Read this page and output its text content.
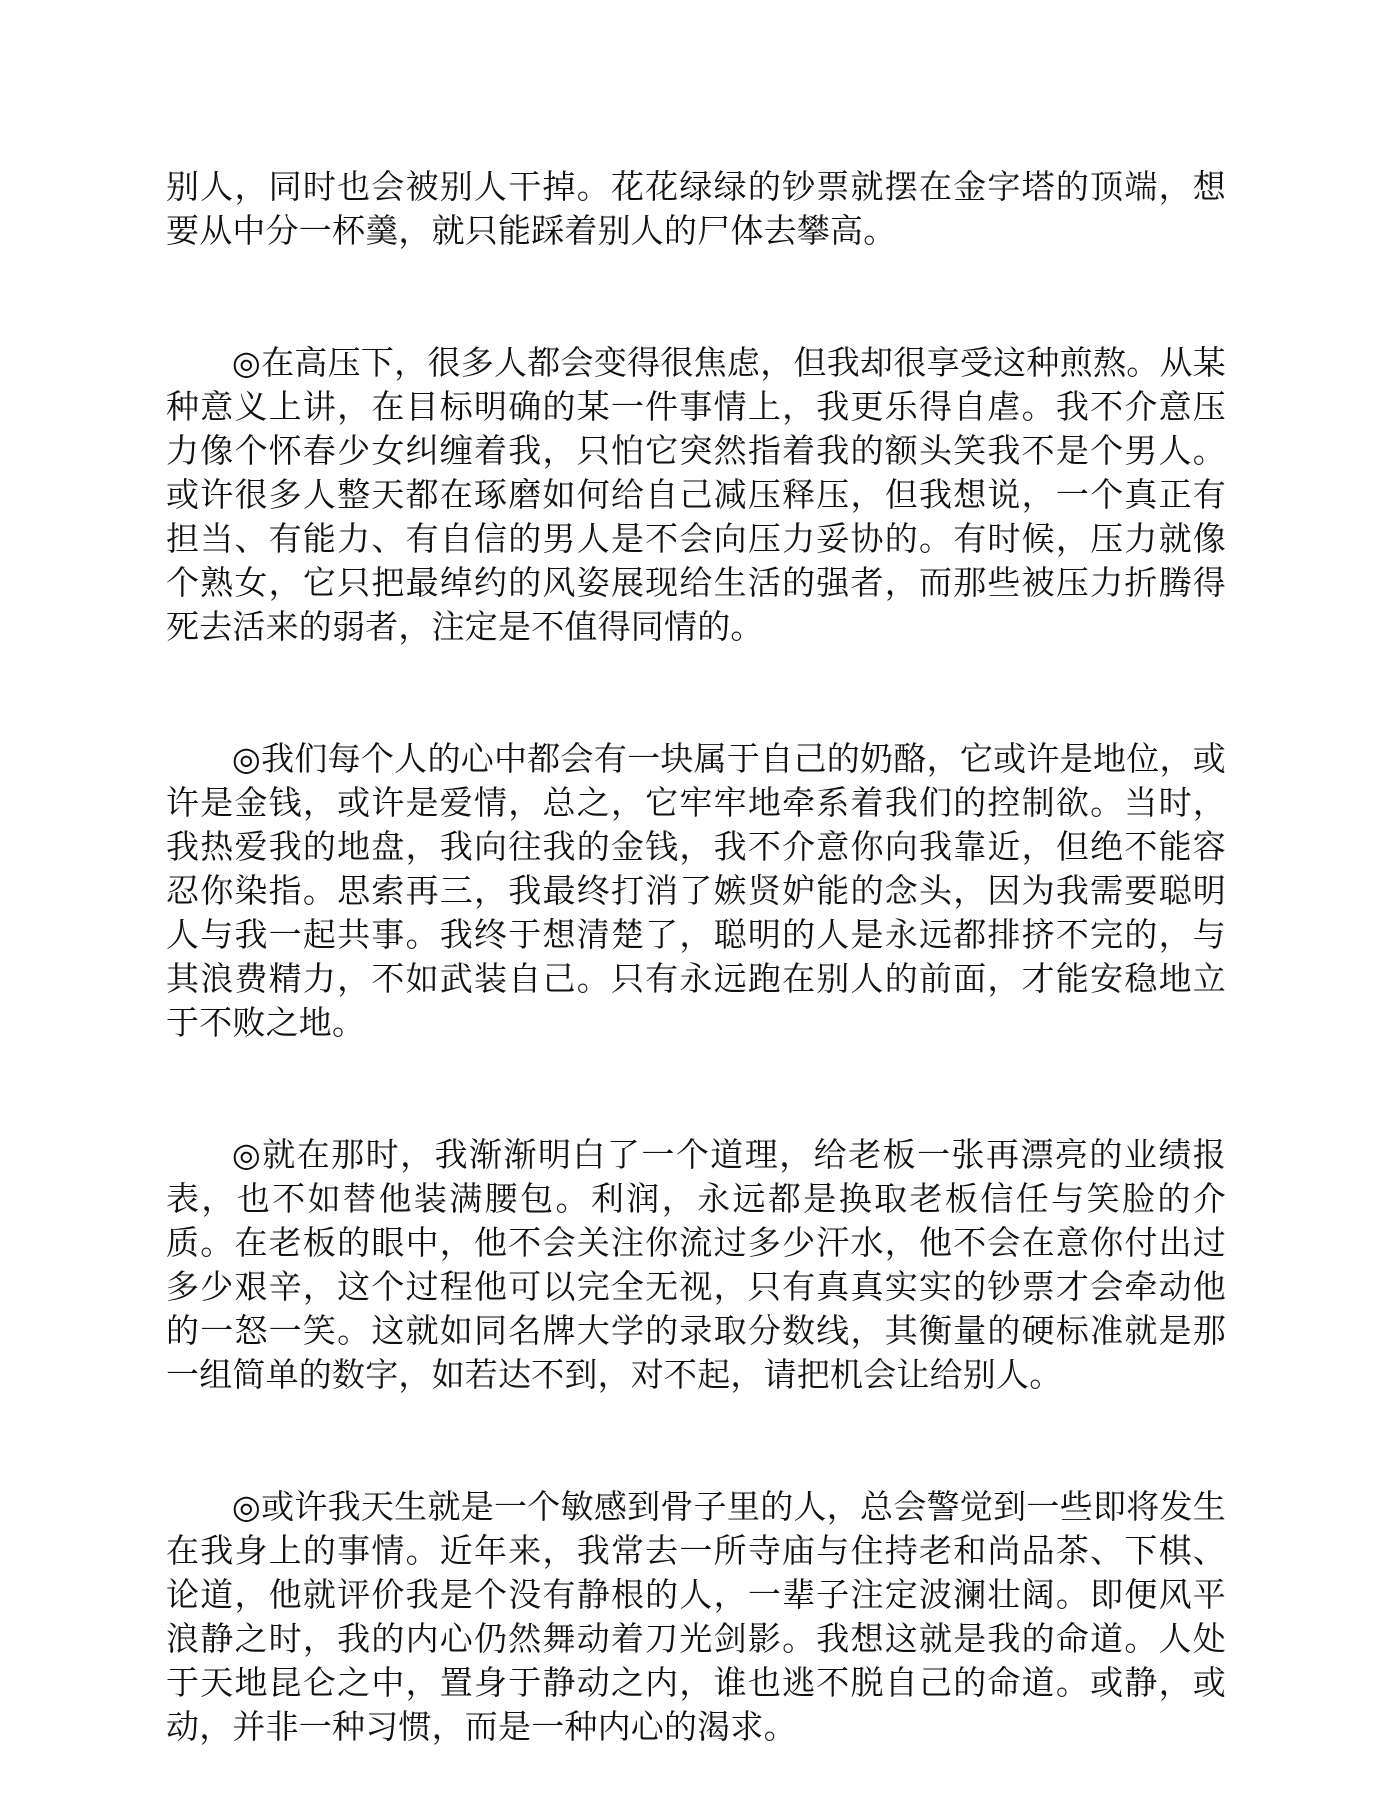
别人，同时也会被别人干掉。花花绿绿的钞票就摆在金字塔的顶端，想要从中分一杯羹，就只能踩着别人的尸体去攀高。

◎在高压下，很多人都会变得很焦虑，但我却很享受这种煎熬。从某种意义上讲，在目标明确的某一件事情上，我更乐得自虐。我不介意压力像个怀春少女纠缠着我，只怕它突然指着我的额头笑我不是个男人。或许很多人整天都在琢磨如何给自己减压释压，但我想说，一个真正有担当、有能力、有自信的男人是不会向压力妥协的。有时候，压力就像个熟女，它只把最绰约的风姿展现给生活的强者，而那些被压力折腾得死去活来的弱者，注定是不值得同情的。

◎我们每个人的心中都会有一块属于自己的奶酪，它或许是地位，或许是金钱，或许是爱情，总之，它牢牢地牵系着我们的控制欲。当时，我热爱我的地盘，我向往我的金钱，我不介意你向我靠近，但绝不能容忍你染指。思索再三，我最终打消了嫉贤妒能的念头，因为我需要聪明人与我一起共事。我终于想清楚了，聪明的人是永远都排挤不完的，与其浪费精力，不如武装自己。只有永远跑在别人的前面，才能安稳地立于不败之地。

◎就在那时，我渐渐明白了一个道理，给老板一张再漂亮的业绩报表，也不如替他装满腰包。利润，永远都是换取老板信任与笑脸的介质。在老板的眼中，他不会关注你流过多少汗水，他不会在意你付出过多少艰辛，这个过程他可以完全无视，只有真真实实的钞票才会牵动他的一怒一笑。这就如同名牌大学的录取分数线，其衡量的硬标准就是那一组简单的数字，如若达不到，对不起，请把机会让给别人。

◎或许我天生就是一个敏感到骨子里的人，总会警觉到一些即将发生在我身上的事情。近年来，我常去一所寺庙与住持老和尚品茶、下棋、论道，他就评价我是个没有静根的人，一辈子注定波澜壮阔。即便风平浪静之时，我的内心仍然舞动着刀光剑影。我想这就是我的命道。人处于天地昆仑之中，置身于静动之内，谁也逃不脱自己的命道。或静，或动，并非一种习惯，而是一种内心的渴求。
